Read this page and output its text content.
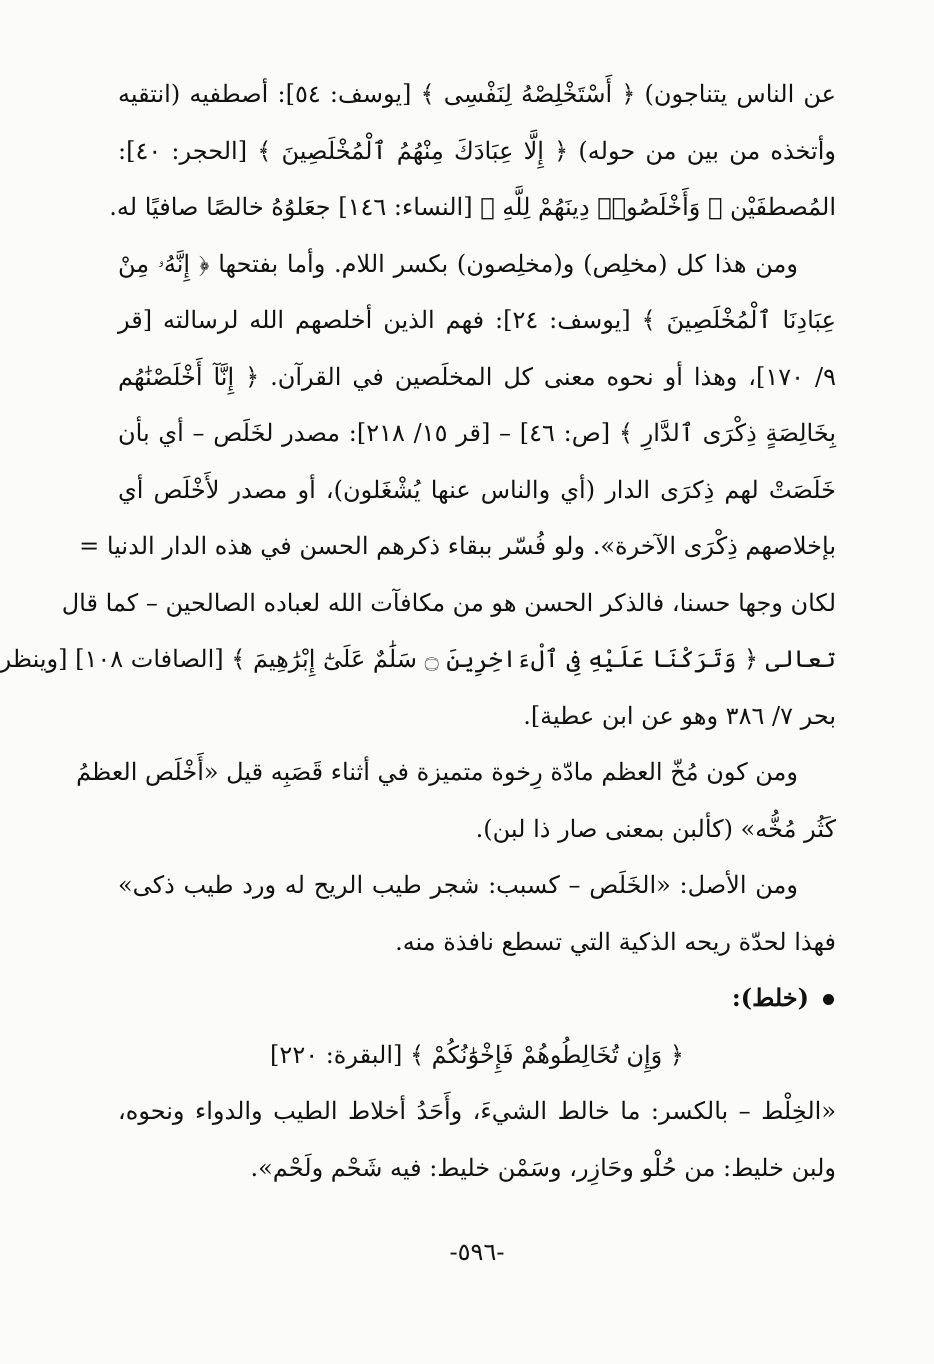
عن الناس يتناجون) ﴿ أَسْتَخْلِصْهُ لِنَفْسِى ﴾ [يوسف: ٥٤]: أصطفيه (انتقيه
وأتخذه من بين من حوله) ﴿ إِلَّا عِبَادَكَ مِنْهُمُ ٱلْمُخْلَصِينَ ﴾ [الحجر: ٤٠]:
المُصطفَيْن ﴿ وَأَخْلَصُوا۟ دِينَهُمْ لِلَّهِ ﴾ [النساء: ١٤٦] جعَلوُهُ خالصًا صافيًا له.
ومن هذا كل (مخلِص) و(مخلِصون) بكسر اللام. وأما بفتحها ﴿ إِنَّهُۥ مِنْ
عِبَادِنَا ٱلْمُخْلَصِينَ ﴾ [يوسف: ٢٤]: فهم الذين أخلصهم الله لرسالته [قر
٩/ ١٧٠]، وهذا أو نحوه معنى كل المخلَصين في القرآن. ﴿ إِنَّآ أَخْلَصْنَٰهُم
بِخَالِصَةٍ ذِكْرَى ٱلدَّارِ ﴾ [ص: ٤٦] – [قر ١٥/ ٢١٨]: مصدر لخَلَص – أي بأن
خَلَصَتْ لهم ذِكرَى الدار (أي والناس عنها يُشْغَلون)، أو مصدر لأَخْلَص أي
بإخلاصهم ذِكْرَى الآخرة». ولو فُسّر ببقاء ذكرهم الحسن في هذه الدار الدنيا =
لكان وجها حسنا، فالذكر الحسن هو من مكافآت الله لعباده الصالحين – كما قال
تعالى ﴿ وَتَرَكْنَا عَلَيْهِ فِى ٱلْءَاخِرِينَ ۝ سَلَٰمٌ عَلَىٰٓ إِبْرَٰهِيمَ ﴾ [الصافات ١٠٨] [وينظر
بحر ٧/ ٣٨٦ وهو عن ابن عطية].
ومن كون مُخّ العظم مادّة رِخوة متميزة في أثناء قَصَبِه قيل «أَخْلَص العظمُ
كَثُر مُخُّه» (كألبن بمعنى صار ذا لبن).
ومن الأصل: «الخَلَص – كسبب: شجر طيب الريح له ورد طيب ذكى»
فهذا لحدّة ريحه الذكية التي تسطع نافذة منه.
(خلط):
﴿ وَإِن تُخَالِطُوهُمْ فَإِخْوَٰنُكُمْ ﴾ [البقرة: ٢٢٠]
«الخِلْط – بالكسر: ما خالط الشيءَ، وأَحَدُ أخلاط الطيب والدواء ونحوه،
ولبن خليط: من حُلْو وحَازِر، وسَمْن خليط: فيه شَحْم ولَحْم».
-٥٩٦-
